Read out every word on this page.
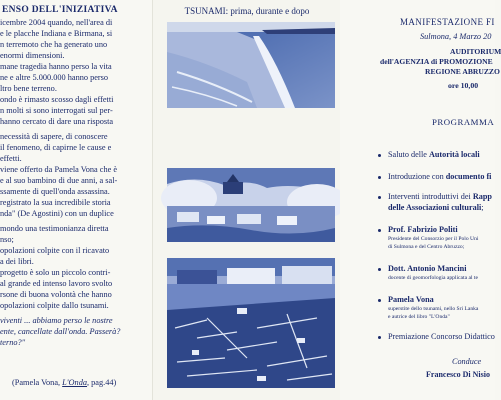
ENSO DELL'INIZIATIVA
icembre 2004 quando, nell'area di
e le placche Indiana e Birmana, si
n terremoto che ha generato uno
enormi dimensioni.
mane tragedia hanno perso la vita
ne e altre 5.000.000 hanno perso
ltro bene terreno.
ondo è rimasto scosso dagli effetti
n molti si sono interrogati sul per-
hanno cercato di dare una risposta
necessità di sapere, di conoscere
il fenomeno, di capirne le cause e
effetti.
viene offerto da Pamela Vona che è
e al suo bambino di due anni, a sal-
ssamente di quell'onda assassina.
registrato la sua incredibile storia
nda" (De Agostini) con un duplice
mondo una testimonianza diretta
nso;
opolazioni colpite con il ricavato
a dei libri.
progetto è solo un piccolo contri-
al grande ed intenso lavoro svolto
rsone di buona volontà che hanno
opolazioni colpite dallo tsunami.
viventi ... abbiamo perso le nostre
ente, cancellate dall'onda. Passerà?
terno?"
(Pamela Vona, L'Onda, pag.44)
TSUNAMI: prima, durante e dopo
MANIFESTAZIONE FI
Sulmona, 4 Marzo 20
AUDITORIUM
dell'AGENZIA di PROMOZIONE
REGIONE ABRUZZO
ore 10,00
PROGRAMMA
Saluto delle Autorità locali
Introduzione con documento fi
Interventi introduttivi dei Rapp
delle Associazioni culturali;
Prof. Fabrizio Politi
Presidente del Consorzio per il Polo Uni
di Sulmona e del Centro Abruzzo;
Dott. Antonio Mancini
docente di geomorfologia applicata al te
Pamela Vona
superstite dello tsunami, nello Sri Lanka
e autrice del libro "L'Onda"
Premiazione Concorso Didattico
Conduce
Francesco Di Nisio
